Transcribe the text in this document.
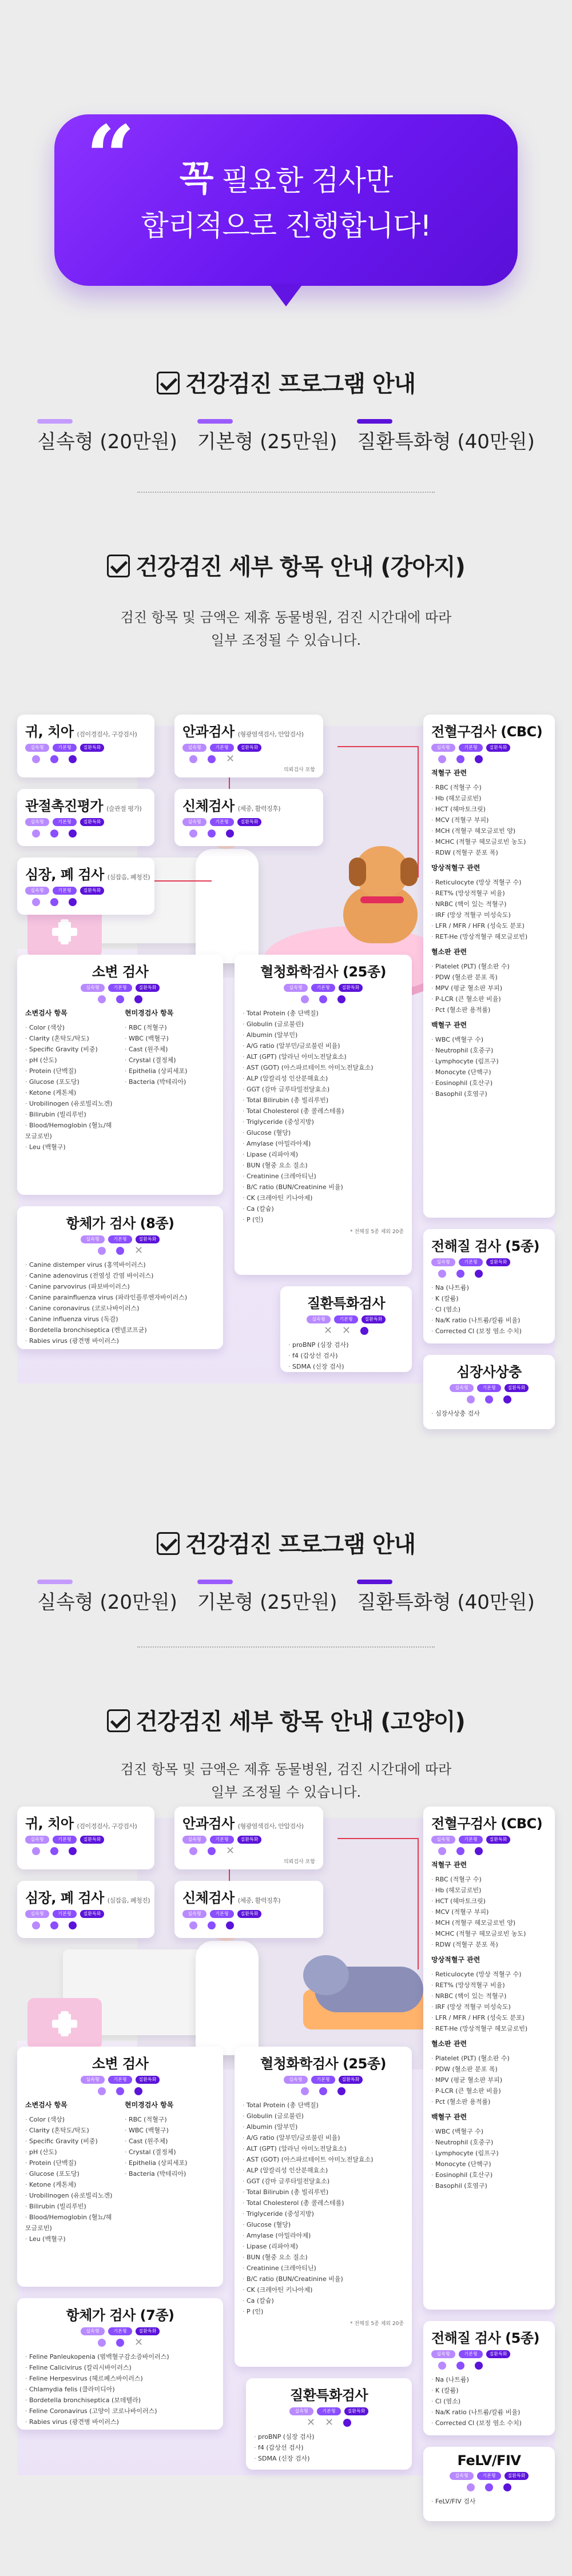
“	꼭 필요한 검사만
합리적으로 진행합니다!
건강검진 프로그램 안내
실속형 (20만원) 기본형 (25만원) 질환특화형 (40만원)
건강검진 세부 항목 안내 (강아지)
검진 항목 및 금액은 제휴 동물병원, 검진 시간대에 따라
일부 조정될 수 있습니다.
귀, 치아 (검이경검사, 구강검사)
실속형	기본형	질환특화
안과검사 (형광염색검사, 안압검사)
실속형	기본형	질환특화
✕
의뢰검사 포함
관절촉진평가 (슬관절 평가)
실속형	기본형	질환특화
신체검사 (체중, 활력징후)
실속형	기본형	질환특화
심장, 폐 검사 (심잡음, 폐청진)
실속형	기본형	질환특화
전혈구검사 (CBC)
실속형	기본형	질환특화
적혈구 관련
· RBC (적혈구 수)
· Hb (헤모글로빈)
· HCT (헤마토크릿)
· MCV (적혈구 부피)
· MCH (적혈구 헤모글로빈 양)
· MCHC (적혈구 헤모글로빈 농도)
· RDW (적혈구 분포 폭)
망상적혈구 관련
· Reticulocyte (망상 적혈구 수)
· RET% (망상적혈구 비율)
· NRBC (핵이 있는 적혈구)
· IRF (망상 적혈구 미성숙도)
· LFR / MFR / HFR (성숙도 분포)
· RET-He (망상적혈구 헤모글로빈)
혈소판 관련
· Platelet (PLT) (혈소판 수)
· PDW (혈소판 분포 폭)
· MPV (평균 혈소판 부피)
· P-LCR (큰 혈소판 비율)
· Pct (혈소판 용적률)
백혈구 관련
· WBC (백혈구 수)
· Neutrophil (호중구)
· Lymphocyte (림프구)
· Monocyte (단핵구)
· Eosinophil (호산구)
· Basophil (호염구)
소변 검사
실속형	기본형	질환특화
소변검사 항목
· Color (색상)
· Clarity (혼탁도/탁도)
· Specific Gravity (비중)
· pH (산도)
· Protein (단백질)
· Glucose (포도당)
· Ketone (케톤체)
· Urobilinogen (유로빌리노겐)
· Bilirubin (빌리루빈)
· Blood/Hemoglobin (혈뇨/헤모글로빈)
· Leu (백혈구)
현미경검사 항목
· RBC (적혈구)
· WBC (백혈구)
· Cast (원주체)
· Crystal (결정체)
· Epithelia (상피세포)
· Bacteria (박테리아)
혈청화학검사 (25종)
실속형	기본형	질환특화
· Total Protein (총 단백질)
· Globulin (글로불린)
· Albumin (알부민)
· A/G ratio (알부민/글로불린 비율)
· ALT (GPT) (알라닌 아미노전달효소)
· AST (GOT) (아스파르테이트 아미노전달효소)
· ALP (알칼리성 인산분해효소)
· GGT (감마 글루타밀전달효소)
· Total Bilirubin (총 빌리루빈)
· Total Cholesterol (총 콜레스테롤)
· Triglyceride (중성지방)
· Glucose (혈당)
· Amylase (아밀라아제)
· Lipase (리파아제)
· BUN (혈중 요소 질소)
· Creatinine (크레아티닌)
· B/C ratio (BUN/Creatinine 비율)
· CK (크레아틴 키나아제)
· Ca (칼슘)
· P (인)
* 전해질 5종 제외 20종
항체가 검사 (8종)
실속형	기본형	질환특화
✕
· Canine distemper virus (홍역바이러스)
· Canine adenovirus (전염성 간염 바이러스)
· Canine parvovirus (파보바이러스)
· Canine parainfluenza virus (파라인플루엔자바이러스)
· Canine coronavirus (코로나바이러스)
· Canine influenza virus (독감)
· Bordetella bronchiseptica (켄넬코프균)
· Rabies virus (광견병 바이러스)
전해질 검사 (5종)
실속형	기본형	질환특화
· Na (나트륨)
· K (칼륨)
· Cl (염소)
· Na/K ratio (나트륨/칼륨 비율)
· Corrected Cl (보정 염소 수치)
질환특화검사
실속형	기본형	질환특화
✕ ✕
· proBNP (심장 검사)
· f4 (갑상선 검사)
· SDMA (신장 검사)	심장사상충
실속형	기본형	질환특화
· 심장사상충 검사
건강검진 프로그램 안내
실속형 (20만원) 기본형 (25만원) 질환특화형 (40만원)
건강검진 세부 항목 안내 (고양이)
검진 항목 및 금액은 제휴 동물병원, 검진 시간대에 따라
일부 조정될 수 있습니다.
귀, 치아 (검이경검사, 구강검사)
실속형	기본형	질환특화
안과검사 (형광염색검사, 안압검사)
실속형	기본형	질환특화
✕
의뢰검사 포함
심장, 폐 검사 (심잡음, 폐청진)
실속형	기본형	질환특화
신체검사 (체중, 활력징후)
실속형	기본형	질환특화
전혈구검사 (CBC)
실속형	기본형	질환특화
적혈구 관련
· RBC (적혈구 수)
· Hb (헤모글로빈)
· HCT (헤마토크릿)
· MCV (적혈구 부피)
· MCH (적혈구 헤모글로빈 양)
· MCHC (적혈구 헤모글로빈 농도)
· RDW (적혈구 분포 폭)
망상적혈구 관련
· Reticulocyte (망상 적혈구 수)
· RET% (망상적혈구 비율)
· NRBC (핵이 있는 적혈구)
· IRF (망상 적혈구 미성숙도)
· LFR / MFR / HFR (성숙도 분포)
· RET-He (망상적혈구 헤모글로빈)
혈소판 관련
· Platelet (PLT) (혈소판 수)
· PDW (혈소판 분포 폭)
· MPV (평균 혈소판 부피)
· P-LCR (큰 혈소판 비율)
· Pct (혈소판 용적률)
백혈구 관련
· WBC (백혈구 수)
· Neutrophil (호중구)
· Lymphocyte (림프구)
· Monocyte (단핵구)
· Eosinophil (호산구)
· Basophil (호염구)
소변 검사
실속형	기본형	질환특화
소변검사 항목
· Color (색상)
· Clarity (혼탁도/탁도)
· Specific Gravity (비중)
· pH (산도)
· Protein (단백질)
· Glucose (포도당)
· Ketone (케톤체)
· Urobilinogen (유로빌리노겐)
· Bilirubin (빌리루빈)
· Blood/Hemoglobin (혈뇨/헤모글로빈)
· Leu (백혈구)
현미경검사 항목
· RBC (적혈구)
· WBC (백혈구)
· Cast (원주체)
· Crystal (결정체)
· Epithelia (상피세포)
· Bacteria (박테리아)
혈청화학검사 (25종)
실속형	기본형	질환특화
· Total Protein (총 단백질)
· Globulin (글로불린)
· Albumin (알부민)
· A/G ratio (알부민/글로불린 비율)
· ALT (GPT) (알라닌 아미노전달효소)
· AST (GOT) (아스파르테이트 아미노전달효소)
· ALP (알칼리성 인산분해효소)
· GGT (감마 글루타밀전달효소)
· Total Bilirubin (총 빌리루빈)
· Total Cholesterol (총 콜레스테롤)
· Triglyceride (중성지방)
· Glucose (혈당)
· Amylase (아밀라아제)
· Lipase (리파아제)
· BUN (혈중 요소 질소)
· Creatinine (크레아티닌)
· B/C ratio (BUN/Creatinine 비율)
· CK (크레아틴 키나아제)
· Ca (칼슘)
· P (인)
* 전해질 5종 제외 20종
항체가 검사 (7종)
실속형	기본형	질환특화
✕
· Feline Panleukopenia (범백혈구감소증바이러스)
· Feline Calicivirus (칼리시바이러스)
· Feline Herpesvirus (헤르페스바이러스)
· Chlamydia felis (클라미디아)
· Bordetella bronchiseptica (보데텔라)
· Feline Coronavirus (고양이 코로나바이러스)
· Rabies virus (광견병 바이러스)
전해질 검사 (5종)
실속형	기본형	질환특화
· Na (나트륨)
· K (칼륨)
· Cl (염소)
· Na/K ratio (나트륨/칼륨 비율)
· Corrected Cl (보정 염소 수치)
질환특화검사
실속형	기본형	질환특화
✕ ✕
· proBNP (심장 검사)
· f4 (갑상선 검사)
· SDMA (신장 검사)	FeLV/FIV
실속형	기본형	질환특화
· FeLV/FIV 검사
